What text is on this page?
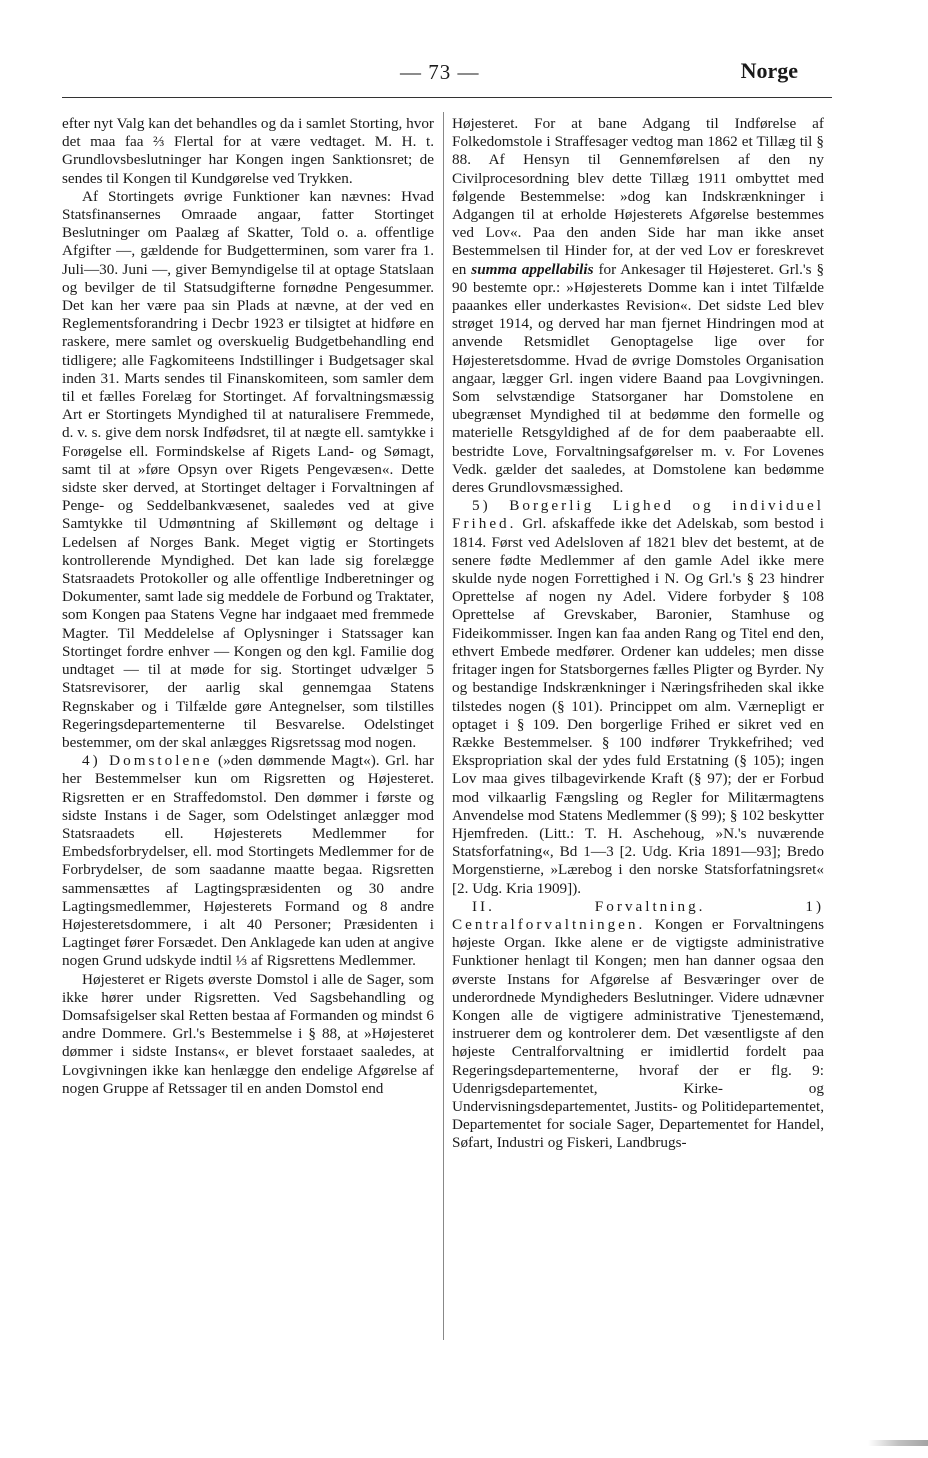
— 73 —	Norge

efter nyt Valg kan det behandles og da i samlet Storting, hvor det maa faa ⅔ Flertal for at være vedtaget. M. H. t. Grundlovsbeslutninger har Kongen ingen Sanktionsret; de sendes til Kongen til Kundgørelse ved Trykken.

Af Stortingets øvrige Funktioner kan nævnes: Hvad Statsfinansernes Omraade angaar, fatter Stortinget Beslutninger om Paalæg af Skatter, Told o. a. offentlige Afgifter —, gældende for Budgetterminen, som varer fra 1. Juli—30. Juni —, giver Bemyndigelse til at optage Statslaan og bevilger de til Statsudgifterne fornødne Pengesummer. Det kan her være paa sin Plads at nævne, at der ved en Reglementsforandring i Decbr 1923 er tilsigtet at hidføre en raskere, mere samlet og overskuelig Budgetbehandling end tidligere; alle Fagkomiteens Indstillinger i Budgetsager skal inden 31. Marts sendes til Finanskomiteen, som samler dem til et fælles Forelæg for Stortinget. Af forvaltningsmæssig Art er Stortingets Myndighed til at naturalisere Fremmede, d. v. s. give dem norsk Indfødsret, til at nægte ell. samtykke i Forøgelse ell. Formindskelse af Rigets Land- og Sømagt, samt til at »føre Opsyn over Rigets Pengevæsen«. Dette sidste sker derved, at Stortinget deltager i Forvaltningen af Penge- og Seddelbankvæsenet, saaledes ved at give Samtykke til Udmøntning af Skillemønt og deltage i Ledelsen af Norges Bank. Meget vigtig er Stortingets kontrollerende Myndighed. Det kan lade sig forelægge Statsraadets Protokoller og alle offentlige Indberetninger og Dokumenter, samt lade sig meddele de Forbund og Traktater, som Kongen paa Statens Vegne har indgaaet med fremmede Magter. Til Meddelelse af Oplysninger i Statssager kan Stortinget fordre enhver — Kongen og den kgl. Familie dog undtaget — til at møde for sig. Stortinget udvælger 5 Statsrevisorer, der aarlig skal gennemgaa Statens Regnskaber og i Tilfælde gøre Antegnelser, som tilstilles Regeringsdepartementerne til Besvarelse. Odelstinget bestemmer, om der skal anlægges Rigsretssag mod nogen.

4) Domstolene (»den dømmende Magt«). Grl. har her Bestemmelser kun om Rigsretten og Højesteret. Rigsretten er en Straffedomstol. Den dømmer i første og sidste Instans i de Sager, som Odelstinget anlægger mod Statsraadets ell. Højesterets Medlemmer for Embedsforbrydelser, ell. mod Stortingets Medlemmer for de Forbrydelser, de som saadanne maatte begaa. Rigsretten sammensættes af Lagtingspræsidenten og 30 andre Lagtingsmedlemmer, Højesterets Formand og 8 andre Højesteretsdommere, i alt 40 Personer; Præsidenten i Lagtinget fører Forsædet. Den Anklagede kan uden at angive nogen Grund udskyde indtil ⅓ af Rigsrettens Medlemmer.

Højesteret er Rigets øverste Domstol i alle de Sager, som ikke hører under Rigsretten. Ved Sagsbehandling og Domsafsigelser skal Retten bestaa af Formanden og mindst 6 andre Dommere. Grl.'s Bestemmelse i § 88, at »Højesteret dømmer i sidste Instans«, er blevet forstaaet saaledes, at Lovgivningen ikke kan henlægge den endelige Afgørelse af nogen Gruppe af Retssager til en anden Domstol end

Højesteret. For at bane Adgang til Indførelse af Folkedomstole i Straffesager vedtog man 1862 et Tillæg til § 88. Af Hensyn til Gennemførelsen af den ny Civilprocesordning blev dette Tillæg 1911 ombyttet med følgende Bestemmelse: »dog kan Indskrænkninger i Adgangen til at erholde Højesterets Afgørelse bestemmes ved Lov«. Paa den anden Side har man ikke anset Bestemmelsen til Hinder for, at der ved Lov er foreskrevet en summa appellabilis for Ankesager til Højesteret. Grl.'s § 90 bestemte opr.: »Højesterets Domme kan i intet Tilfælde paaankes eller underkastes Revision«. Det sidste Led blev strøget 1914, og derved har man fjernet Hindringen mod at anvende Retsmidlet Genoptagelse lige over for Højesteretsdomme. Hvad de øvrige Domstoles Organisation angaar, lægger Grl. ingen videre Baand paa Lovgivningen. Som selvstændige Statsorganer har Domstolene en ubegrænset Myndighed til at bedømme den formelle og materielle Retsgyldighed af de for dem paaberaabte ell. bestridte Love, Forvaltningsafgørelser m. v. For Lovenes Vedk. gælder det saaledes, at Domstolene kan bedømme deres Grundlovsmæssighed.

5) Borgerlig Lighed og individuel Frihed. Grl. afskaffede ikke det Adelskab, som bestod i 1814. Først ved Adelsloven af 1821 blev det bestemt, at de senere fødte Medlemmer af den gamle Adel ikke mere skulde nyde nogen Forrettighed i N. Og Grl.'s § 23 hindrer Oprettelse af nogen ny Adel. Videre forbyder § 108 Oprettelse af Grevskaber, Baronier, Stamhuse og Fideikommisser. Ingen kan faa anden Rang og Titel end den, ethvert Embede medfører. Ordener kan uddeles; men disse fritager ingen for Statsborgernes fælles Pligter og Byrder. Ny og bestandige Indskrænkninger i Næringsfriheden skal ikke tilstedes nogen (§ 101). Princippet om alm. Værnepligt er optaget i § 109. Den borgerlige Frihed er sikret ved en Række Bestemmelser. § 100 indfører Trykkefrihed; ved Ekspropriation skal der ydes fuld Erstatning (§ 105); ingen Lov maa gives tilbagevirkende Kraft (§ 97); der er Forbud mod vilkaarlig Fængsling og Regler for Militærmagtens Anvendelse mod Statens Medlemmer (§ 99); § 102 beskytter Hjemfreden. (Litt.: T. H. Aschehoug, »N.'s nuværende Statsforfatning«, Bd 1—3 [2. Udg. Kria 1891—93]; Bredo Morgenstierne, »Lærebog i den norske Statsforfatningsret« [2. Udg. Kria 1909]).

II. Forvaltning. 1) Centralforvaltningen. Kongen er Forvaltningens højeste Organ. Ikke alene er de vigtigste administrative Funktioner henlagt til Kongen; men han danner ogsaa den øverste Instans for Afgørelse af Besværinger over de underordnede Myndigheders Beslutninger. Videre udnævner Kongen alle de vigtigere administrative Tjenestemænd, instruerer dem og kontrolerer dem. Det væsentligste af den højeste Centralforvaltning er imidlertid fordelt paa Regeringsdepartementerne, hvoraf der er flg. 9: Udenrigsdepartementet, Kirke- og Undervisningsdepartementet, Justits- og Politidepartementet, Departementet for sociale Sager, Departementet for Handel, Søfart, Industri og Fiskeri, Landbrugs-
